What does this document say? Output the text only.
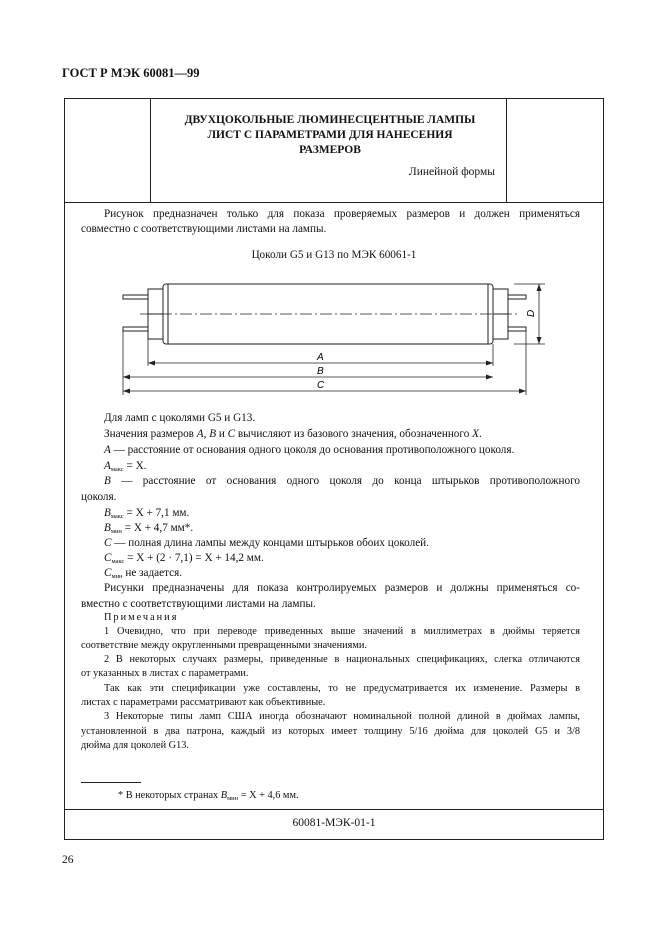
ГОСТ Р МЭК 60081—99
ДВУХЦОКОЛЬНЫЕ ЛЮМИНЕСЦЕНТНЫЕ ЛАМПЫ
ЛИСТ С ПАРАМЕТРАМИ ДЛЯ НАНЕСЕНИЯ
РАЗМЕРОВ
Линейной формы
Рисунок предназначен только для показа проверяемых размеров и должен применяться
совместно с соответствующими листами на лампы.
Цоколи G5 и G13 по МЭК 60061-1
A
B
C
D
Для ламп с цоколями G5 и G13.
Значения размеров A, B и C вычисляют из базового значения, обозначенного X.
A — расстояние от основания одного цоколя до основания противоположного цоколя.
$A_{макс} = X$.
B — расстояние от основания одного цоколя до конца штырьков противоположного
цоколя.
$B_{макс} = X + 7,1$ мм.
$B_{мин} = X + 4,7$ мм*.
C — полная длина лампы между концами штырьков обоих цоколей.
$C_{макс} = X + (2 \cdot 7,1) = X + 14,2$ мм.
$C_{мин}$ не задается.
Рисунки предназначены для показа контролируемых размеров и должны применяться со-
вместно с соответствующими листами на лампы.
Примечания
1 Очевидно, что при переводе приведенных выше значений в миллиметрах в дюймы теряется
соответствие между округленными превращенными значениями.
2 В некоторых случаях размеры, приведенные в национальных спецификациях, слегка отличаются
от указанных в листах с параметрами.
Так как эти спецификации уже составлены, то не предусматривается их изменение. Размеры в
листах с параметрами рассматривают как объективные.
3 Некоторые типы ламп США иногда обозначают номинальной полной длиной в дюймах лампы,
установленной в два патрона, каждый из которых имеет толщину 5/16 дюйма для цоколей G5 и 3/8
дюйма для цоколей G13.
* В некоторых странах $B_{мин} = X + 4,6$ мм.
60081-МЭК-01-1
26
